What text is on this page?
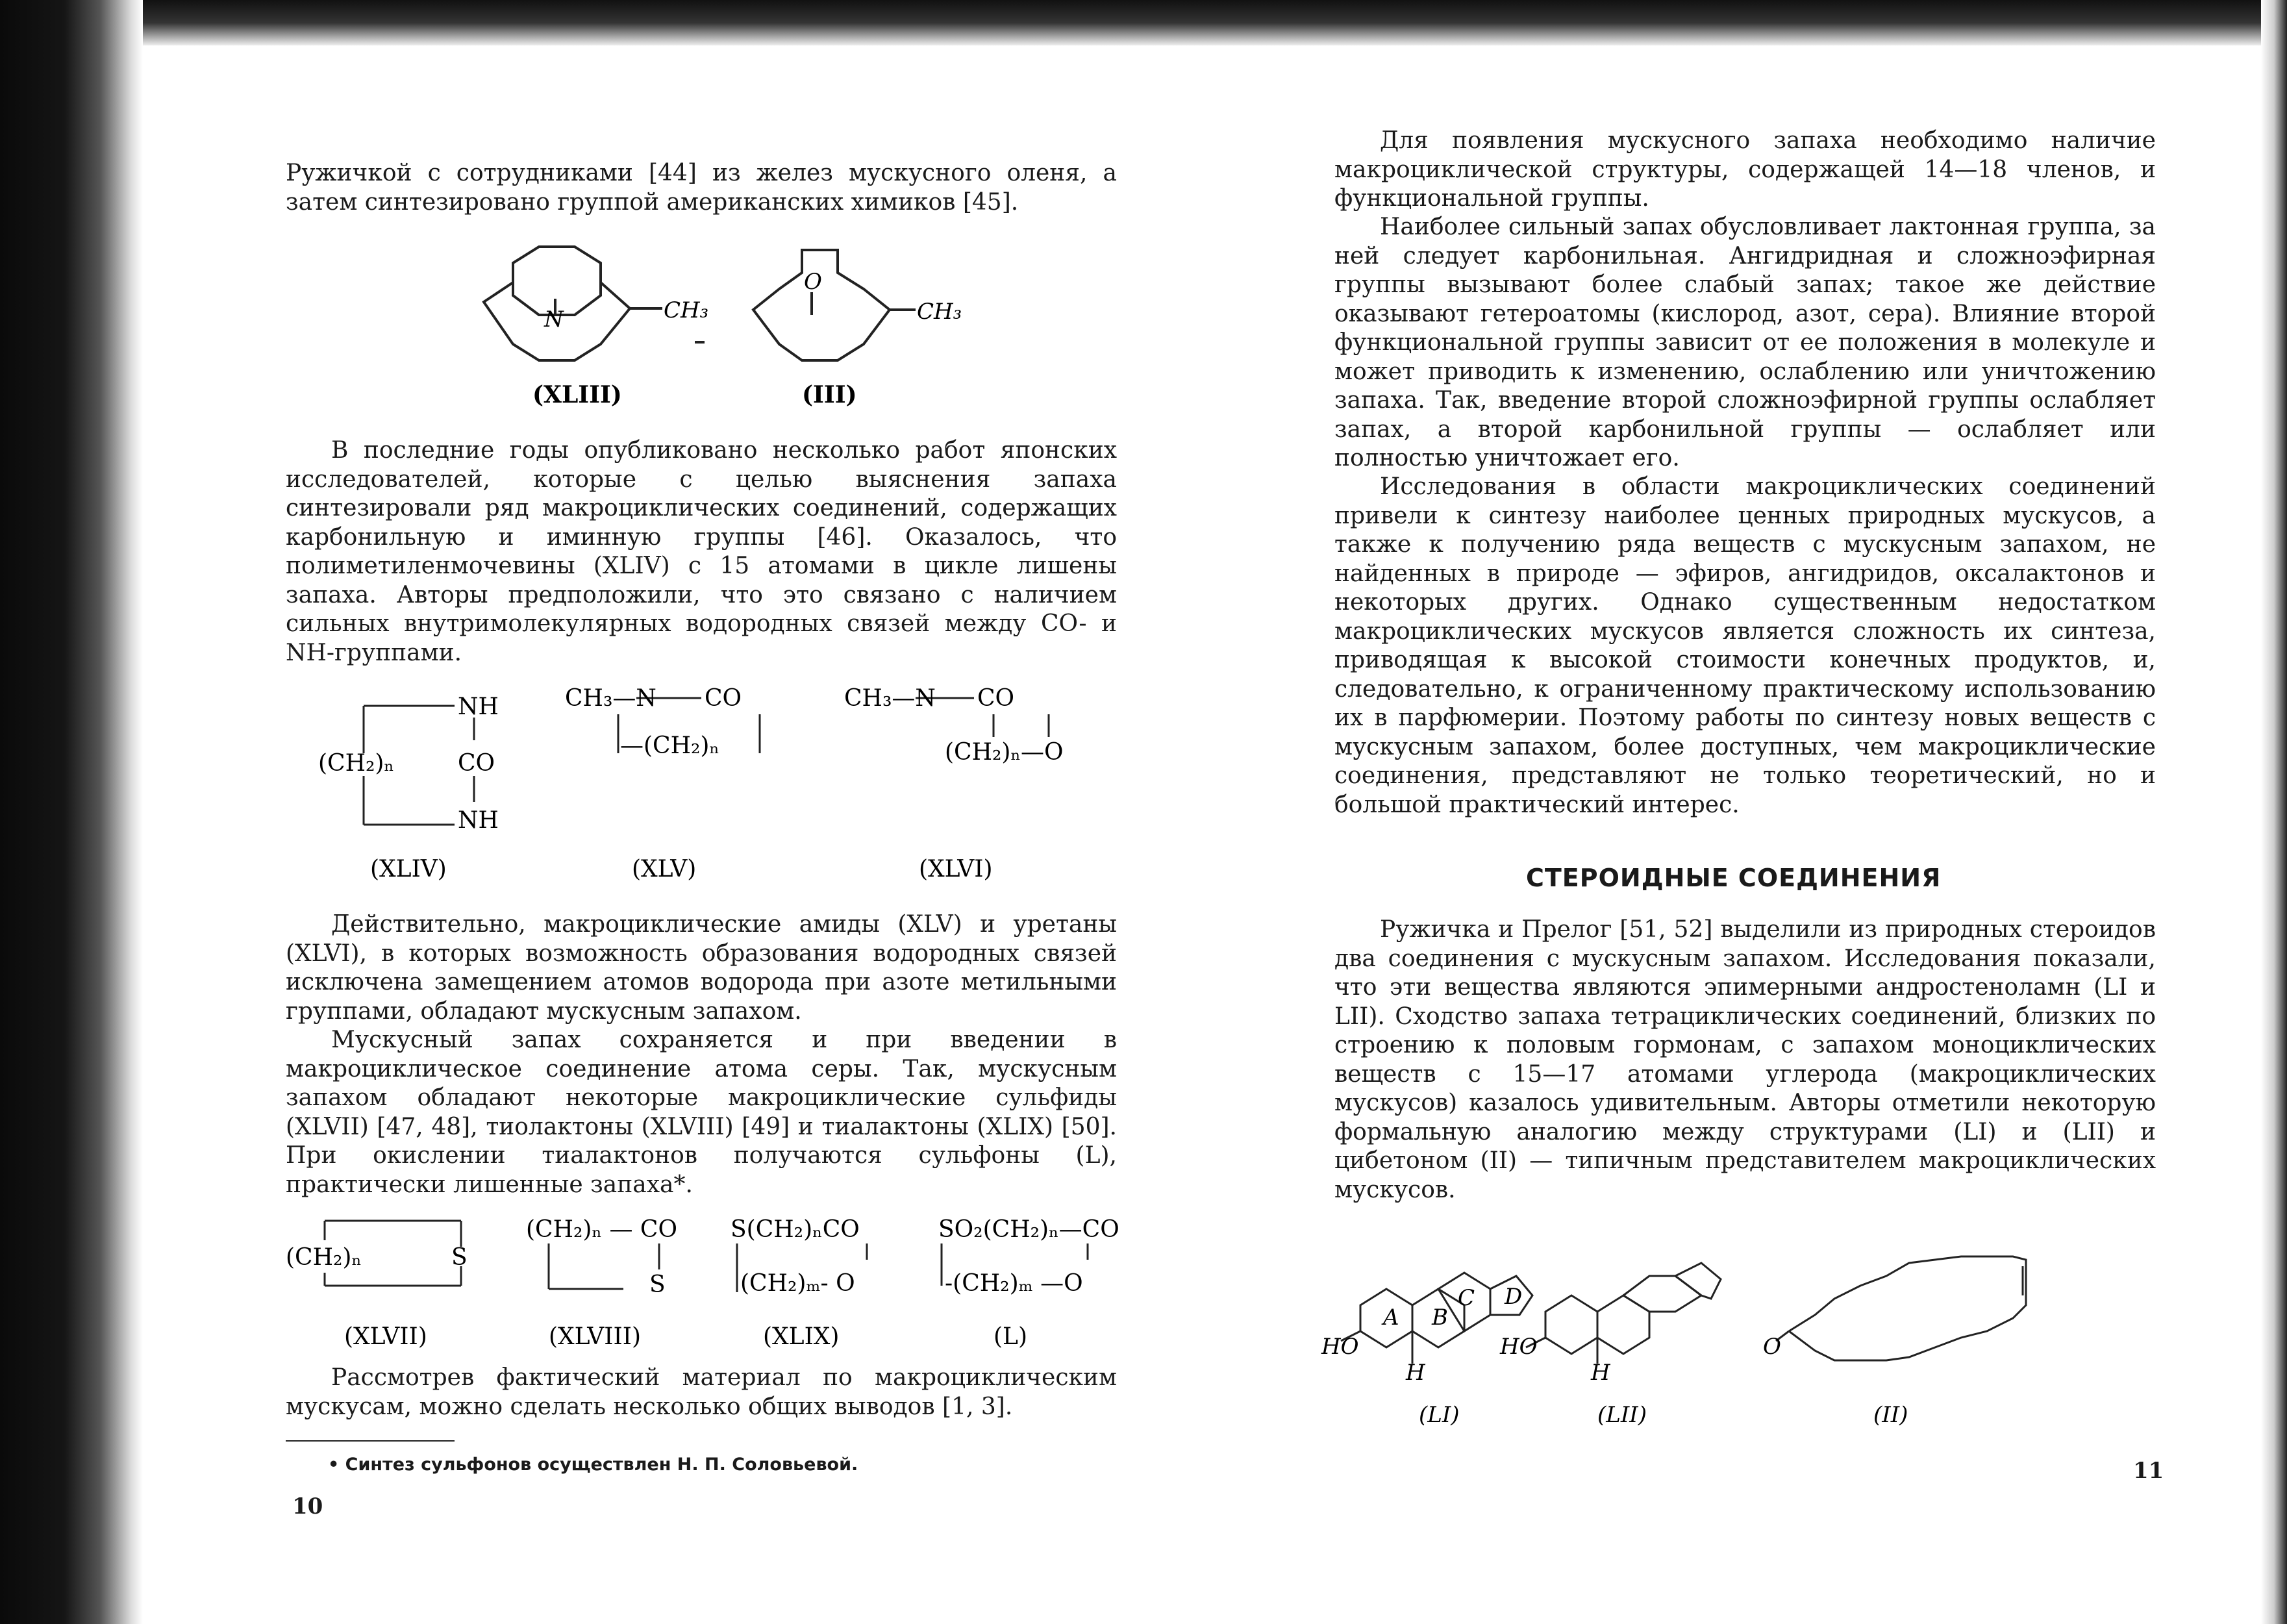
Ружичкой с сотрудниками [44] из желез мускусного оленя, а затем синтезировано группой американских химиков [45].

N
O
CH₃	CH₃
(XLIII)	(III)

В последние годы опубликовано несколько работ японских исследователей, которые с целью выяснения запаха синтезировали ряд макроциклических соединений, содержащих карбонильную и иминную группы [46]. Оказалось, что полиметиленмочевины (XLIV) с 15 атомами в цикле лишены запаха. Авторы предположили, что это связано с наличием сильных внутримолекулярных водородных связей между CO- и NH-группами.

NH
(CH₂)ₙ	CO
NH
CH₃—N CO
—(CH₂)ₙ
CH₃—N CO
(CH₂)ₙ—O
(XLIV)	(XLV)	(XLVI)

Действительно, макроциклические амиды (XLV) и уретаны (XLVI), в которых возможность образования водородных связей исключена замещением атомов водорода при азоте метильными группами, обладают мускусным запахом.

Мускусный запах сохраняется и при введении в макроциклическое соединение атома серы. Так, мускусным запахом обладают некоторые макроциклические сульфиды (XLVII) [47, 48], тиолактоны (XLVIII) [49] и тиалактоны (XLIX) [50]. При окислении тиалактонов получаются сульфоны (L), практически лишенные запаха*.

(CH₂)ₙ	S
(CH₂)ₙ — CO
S
S(CH₂)ₙCO
(CH₂)ₘ- O
SO₂(CH₂)ₙ—CO
-(CH₂)ₘ —O
(XLVII)	(XLVIII)	(XLIX)	(L)

Рассмотрев фактический материал по макроциклическим мускусам, можно сделать несколько общих выводов [1, 3].

• Синтез сульфонов осуществлен Н. П. Соловьевой.

10

Для появления мускусного запаха необходимо наличие макроциклической структуры, содержащей 14—18 членов, и функциональной группы.

Наиболее сильный запах обусловливает лактонная группа, за ней следует карбонильная. Ангидридная и сложноэфирная группы вызывают более слабый запах; такое же действие оказывают гетероатомы (кислород, азот, сера). Влияние второй функциональной группы зависит от ее положения в молекуле и может приводить к изменению, ослаблению или уничтожению запаха. Так, введение второй сложноэфирной группы ослабляет запах, а второй карбонильной группы — ослабляет или полностью уничтожает его.

Исследования в области макроциклических соединений привели к синтезу наиболее ценных природных мускусов, а также к получению ряда веществ с мускусным запахом, не найденных в природе — эфиров, ангидридов, оксалактонов и некоторых других. Однако существенным недостатком макроциклических мускусов является сложность их синтеза, приводящая к высокой стоимости конечных продуктов, и, следовательно, к ограниченному практическому использованию их в парфюмерии. Поэтому работы по синтезу новых веществ с мускусным запахом, более доступных, чем макроциклические соединения, представляют не только теоретический, но и большой практический интерес.

СТЕРОИДНЫЕ СОЕДИНЕНИЯ

Ружичка и Прелог [51, 52] выделили из природных стероидов два соединения с мускусным запахом. Исследования показали, что эти вещества являются эпимерными андростеноламн (LI и LII). Сходство запаха тетрациклических соединений, близких по строению к половым гормонам, с запахом моноциклических веществ с 15—17 атомами углерода (макроциклических мускусов) казалось удивительным. Авторы отметили некоторую формальную аналогию между структурами (LI) и (LII) и цибетоном (II) — типичным представителем макроциклических мускусов.

A B
C D
HO
H
HO
H
O
(LI)	(LII)	(II)

11
